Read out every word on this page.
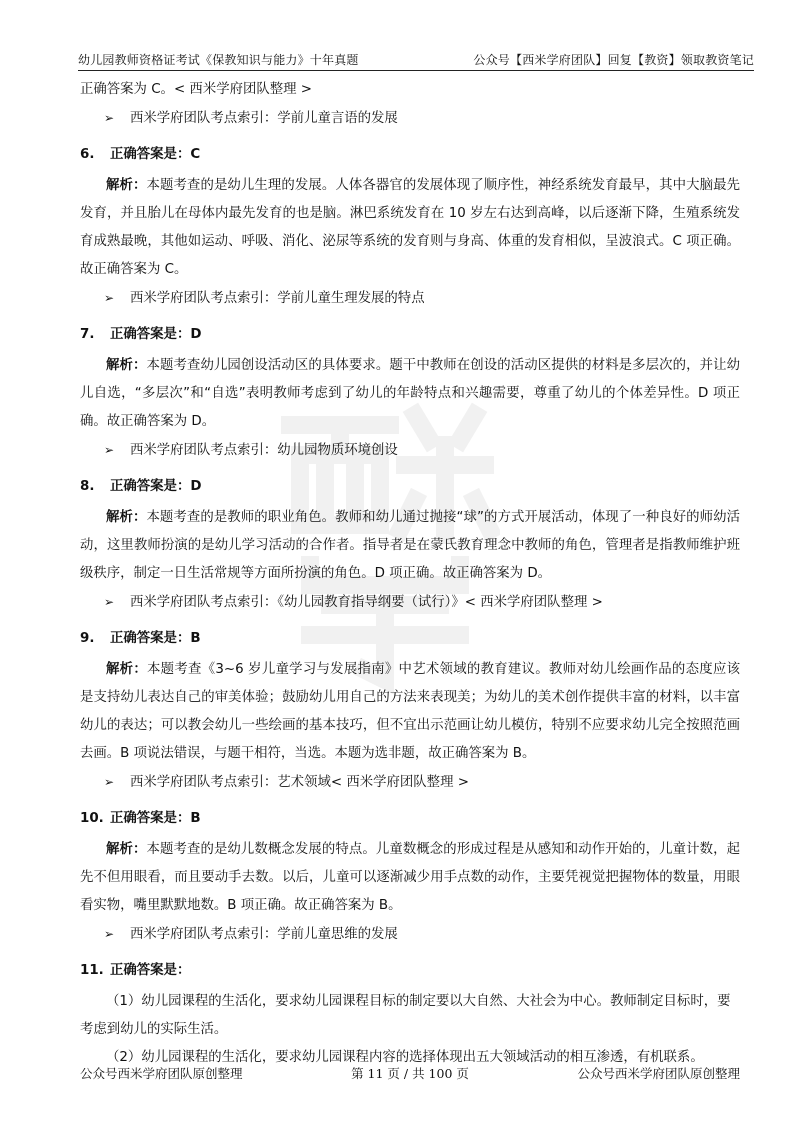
幼儿园教师资格证考试《保教知识与能力》十年真题	公众号【西米学府团队】回复【教资】领取教资笔记
正确答案为 C。< 西米学府团队整理 >
➢ 西米学府团队考点索引：学前儿童言语的发展
6. 正确答案是：C

解析：本题考查的是幼儿生理的发展。人体各器官的发展体现了顺序性，神经系统发育最早，其中大脑最先发育，并且胎儿在母体内最先发育的也是脑。淋巴系统发育在 10 岁左右达到高峰，以后逐渐下降，生殖系统发育成熟最晚，其他如运动、呼吸、消化、泌尿等系统的发育则与身高、体重的发育相似，呈波浪式。C 项正确。故正确答案为 C。

➢ 西米学府团队考点索引：学前儿童生理发展的特点
7. 正确答案是：D

解析：本题考查幼儿园创设活动区的具体要求。题干中教师在创设的活动区提供的材料是多层次的，并让幼儿自选，“多层次”和“自选”表明教师考虑到了幼儿的年龄特点和兴趣需要，尊重了幼儿的个体差异性。D 项正确。故正确答案为 D。

➢ 西米学府团队考点索引：幼儿园物质环境创设
8. 正确答案是：D

解析：本题考查的是教师的职业角色。教师和幼儿通过抛接“球”的方式开展活动，体现了一种良好的师幼活动，这里教师扮演的是幼儿学习活动的合作者。指导者是在蒙氏教育理念中教师的角色，管理者是指教师维护班级秩序，制定一日生活常规等方面所扮演的角色。D 项正确。故正确答案为 D。

➢ 西米学府团队考点索引：《幼儿园教育指导纲要（试行）》< 西米学府团队整理 >
9. 正确答案是：B

解析：本题考查《3~6 岁儿童学习与发展指南》中艺术领域的教育建议。教师对幼儿绘画作品的态度应该是支持幼儿表达自己的审美体验；鼓励幼儿用自己的方法来表现美；为幼儿的美术创作提供丰富的材料，以丰富幼儿的表达；可以教会幼儿一些绘画的基本技巧，但不宜出示范画让幼儿模仿，特别不应要求幼儿完全按照范画去画。B 项说法错误，与题干相符，当选。本题为选非题，故正确答案为 B。

➢ 西米学府团队考点索引：艺术领域< 西米学府团队整理 >
10. 正确答案是：B

解析：本题考查的是幼儿数概念发展的特点。儿童数概念的形成过程是从感知和动作开始的，儿童计数，起先不但用眼看，而且要动手去数。以后，儿童可以逐渐减少用手点数的动作，主要凭视觉把握物体的数量，用眼看实物，嘴里默默地数。B 项正确。故正确答案为 B。

➢ 西米学府团队考点索引：学前儿童思维的发展
11. 正确答案是：

（1）幼儿园课程的生活化，要求幼儿园课程目标的制定要以大自然、大社会为中心。教师制定目标时，要考虑到幼儿的实际生活。

（2）幼儿园课程的生活化，要求幼儿园课程内容的选择体现出五大领域活动的相互渗透，有机联系。

公众号西米学府团队原创整理	第 11 页 / 共 100 页	公众号西米学府团队原创整理
